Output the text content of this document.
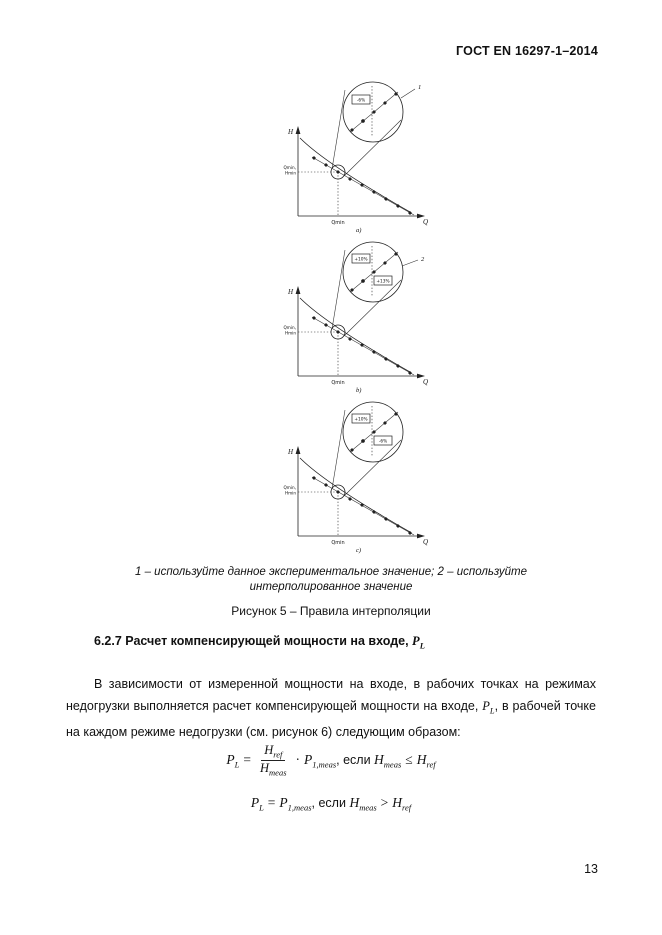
ГОСТ EN 16297-1–2014
-6%
1
H
Q
Qmin,
Hmin
Qmin
a)
+10%
+13%
2
H
Q
Qmin,
Hmin
Qmin
b)
+10%
-6%
H
Q
Qmin,
Hmin
Qmin
c)
1 – используйте данное экспериментальное значение; 2 – используйте интерполированное значение
Рисунок 5 – Правила интерполяции
6.2.7 Расчет компенсирующей мощности на входе, $P_L$

В зависимости от измеренной мощности на входе, в рабочих точках на режимах недогрузки выполняется расчет компенсирующей мощности на входе, $P_L$, в рабочей точке на каждом режиме недогрузки (см. рисунок 6) следующим образом:

$P_L = \frac{H_{ref}}{H_{meas}} \cdot P_{1,meas}$, если $H_{meas} \le H_{ref}$
$P_L = P_{1,meas}$, если $H_{meas} > H_{ref}$
13
